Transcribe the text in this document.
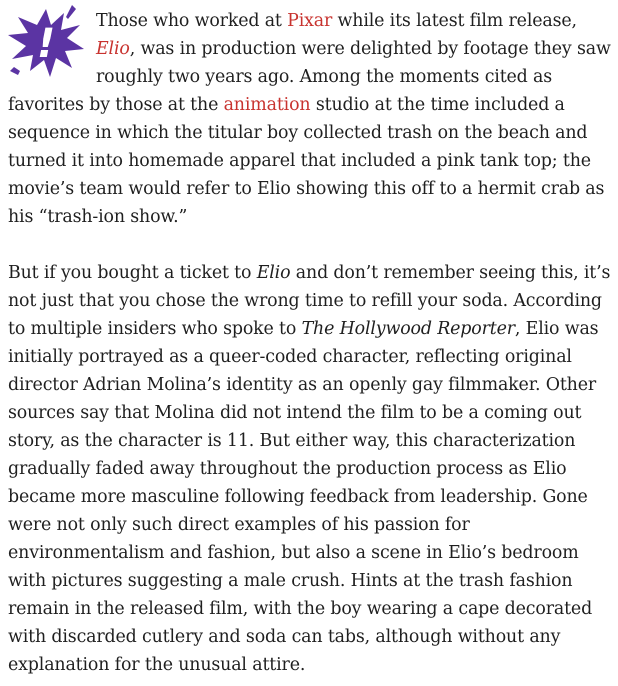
! Those who worked at Pixar while its latest film release, Elio, was in production were delighted by footage they saw roughly two years ago. Among the moments cited as favorites by those at the animation studio at the time included a sequence in which the titular boy collected trash on the beach and turned it into homemade apparel that included a pink tank top; the movie’s team would refer to Elio showing this off to a hermit crab as his “trash-ion show.”

But if you bought a ticket to Elio and don’t remember seeing this, it’s not just that you chose the wrong time to refill your soda. According to multiple insiders who spoke to The Hollywood Reporter, Elio was initially portrayed as a queer-coded character, reflecting original director Adrian Molina’s identity as an openly gay filmmaker. Other sources say that Molina did not intend the film to be a coming out story, as the character is 11. But either way, this characterization gradually faded away throughout the production process as Elio became more masculine following feedback from leadership. Gone were not only such direct examples of his passion for environmentalism and fashion, but also a scene in Elio’s bedroom with pictures suggesting a male crush. Hints at the trash fashion remain in the released film, with the boy wearing a cape decorated with discarded cutlery and soda can tabs, although without any explanation for the unusual attire.
